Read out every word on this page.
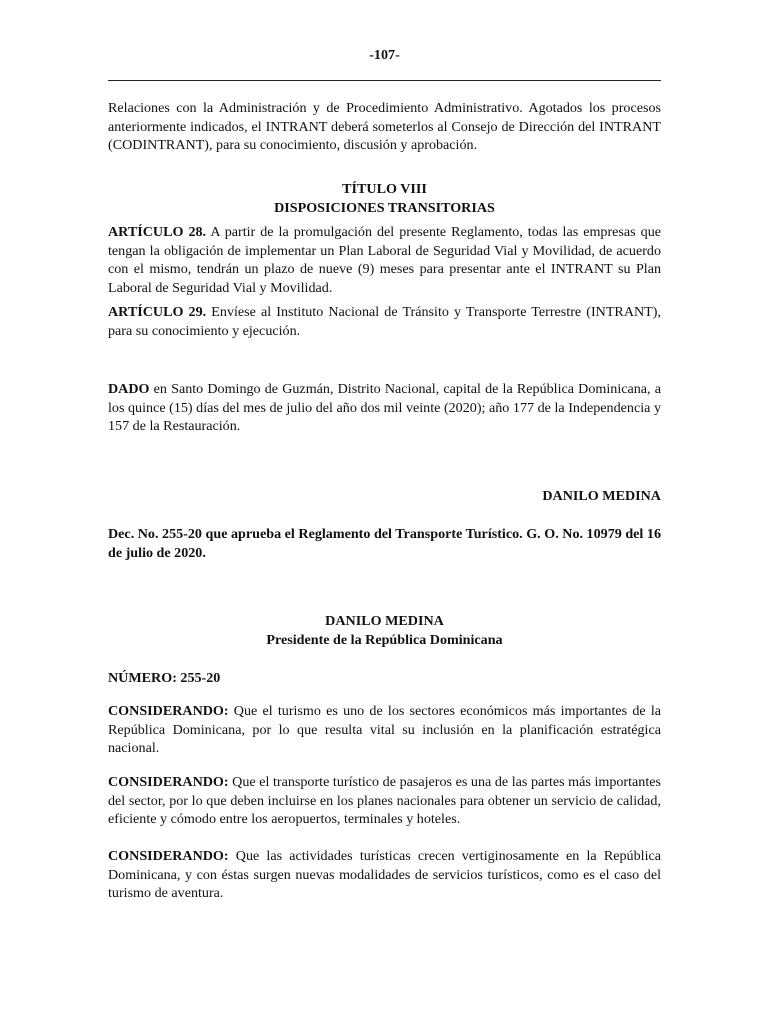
-107-

Relaciones con la Administración y de Procedimiento Administrativo. Agotados los procesos anteriormente indicados, el INTRANT deberá someterlos al Consejo de Dirección del INTRANT (CODINTRANT), para su conocimiento, discusión y aprobación.

TÍTULO VIII
DISPOSICIONES TRANSITORIAS

ARTÍCULO 28. A partir de la promulgación del presente Reglamento, todas las empresas que tengan la obligación de implementar un Plan Laboral de Seguridad Vial y Movilidad, de acuerdo con el mismo, tendrán un plazo de nueve (9) meses para presentar ante el INTRANT su Plan Laboral de Seguridad Vial y Movilidad.

ARTÍCULO 29. Envíese al Instituto Nacional de Tránsito y Transporte Terrestre (INTRANT), para su conocimiento y ejecución.

DADO en Santo Domingo de Guzmán, Distrito Nacional, capital de la República Dominicana, a los quince (15) días del mes de julio del año dos mil veinte (2020); año 177 de la Independencia y 157 de la Restauración.

DANILO MEDINA

Dec. No. 255-20 que aprueba el Reglamento del Transporte Turístico. G. O. No. 10979 del 16 de julio de 2020.

DANILO MEDINA
Presidente de la República Dominicana

NÚMERO: 255-20

CONSIDERANDO: Que el turismo es uno de los sectores económicos más importantes de la República Dominicana, por lo que resulta vital su inclusión en la planificación estratégica nacional.

CONSIDERANDO: Que el transporte turístico de pasajeros es una de las partes más importantes del sector, por lo que deben incluirse en los planes nacionales para obtener un servicio de calidad, eficiente y cómodo entre los aeropuertos, terminales y hoteles.

CONSIDERANDO: Que las actividades turísticas crecen vertiginosamente en la República Dominicana, y con éstas surgen nuevas modalidades de servicios turísticos, como es el caso del turismo de aventura.
